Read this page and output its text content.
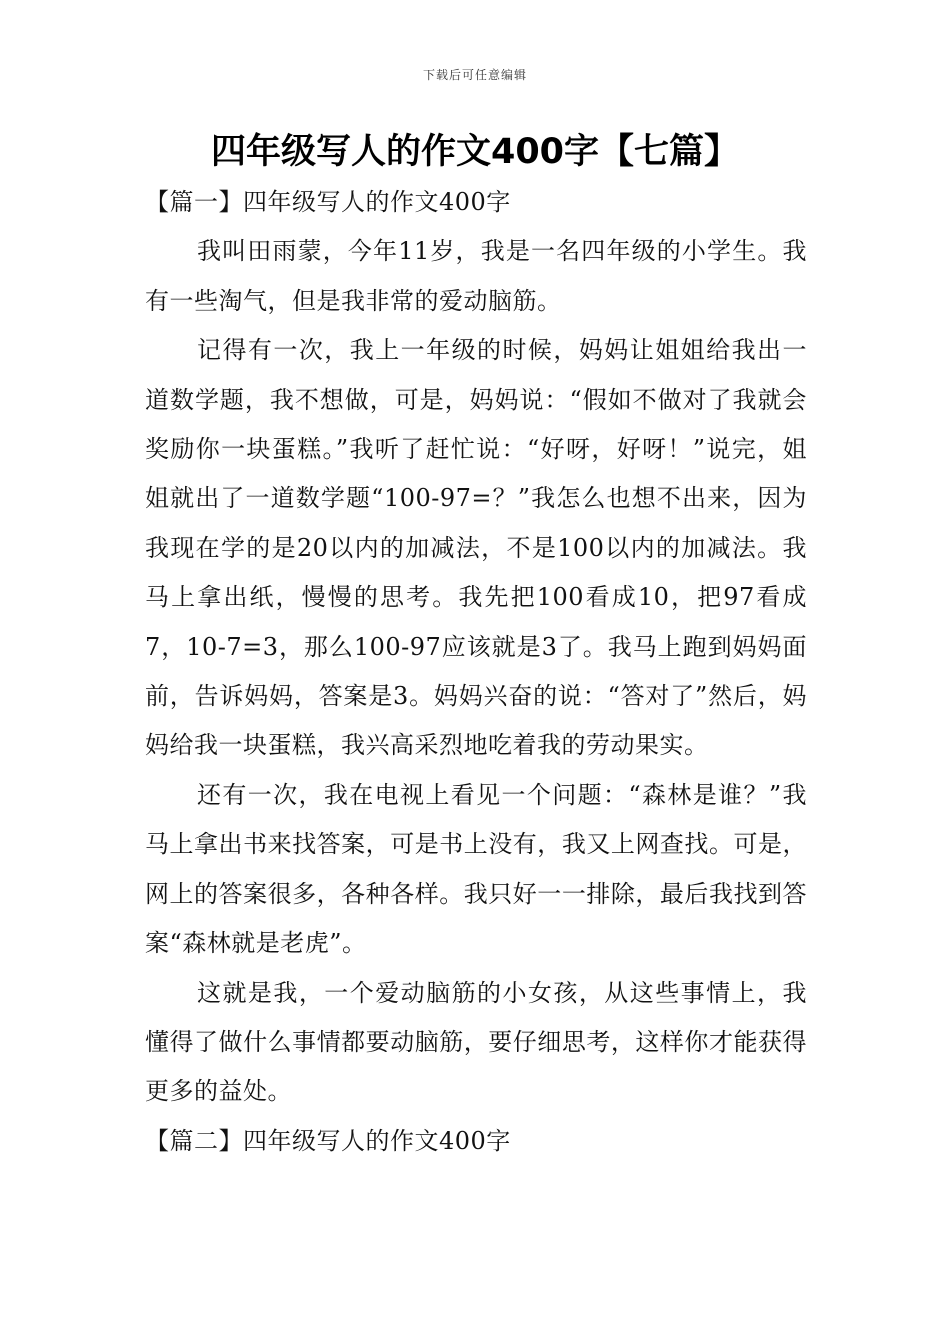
下载后可任意编辑
四年级写人的作文400字【七篇】
【篇一】四年级写人的作文400字

我叫田雨蒙，今年11岁，我是一名四年级的小学生。我有一些淘气，但是我非常的爱动脑筋。

记得有一次，我上一年级的时候，妈妈让姐姐给我出一道数学题，我不想做，可是，妈妈说：“假如不做对了我就会奖励你一块蛋糕。”我听了赶忙说：“好呀，好呀！”说完，姐姐就出了一道数学题“100-97=？”我怎么也想不出来，因为我现在学的是20以内的加减法，不是100以内的加减法。我马上拿出纸，慢慢的思考。我先把100看成10，把97看成7，10-7=3，那么100-97应该就是3了。我马上跑到妈妈面前，告诉妈妈，答案是3。妈妈兴奋的说：“答对了”然后，妈妈给我一块蛋糕，我兴高采烈地吃着我的劳动果实。

还有一次，我在电视上看见一个问题：“森林是谁？”我马上拿出书来找答案，可是书上没有，我又上网查找。可是，网上的答案很多，各种各样。我只好一一排除，最后我找到答案“森林就是老虎”。

这就是我，一个爱动脑筋的小女孩，从这些事情上，我懂得了做什么事情都要动脑筋，要仔细思考，这样你才能获得更多的益处。

【篇二】四年级写人的作文400字
